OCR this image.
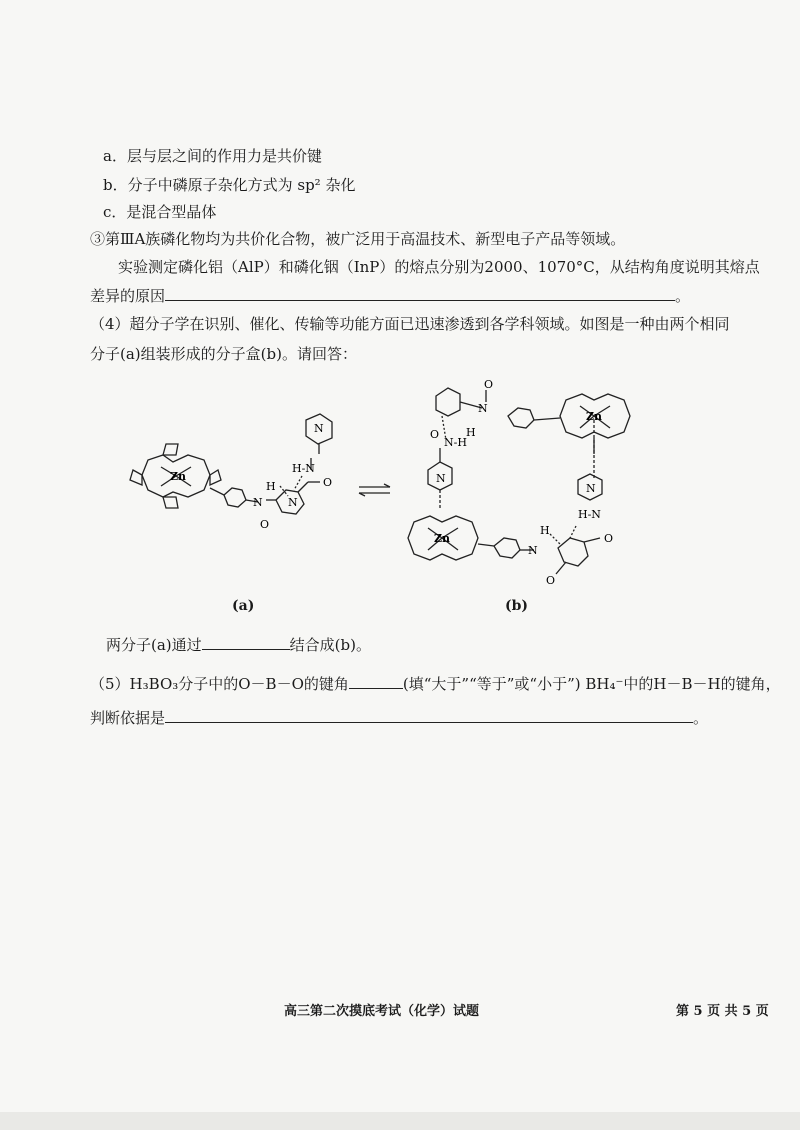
a．层与层之间的作用力是共价键
b．分子中磷原子杂化方式为 sp² 杂化
c．是混合型晶体
③第ⅢA族磷化物均为共价化合物，被广泛用于高温技术、新型电子产品等领域。
实验测定磷化铝（AlP）和磷化铟（InP）的熔点分别为2000、1070°C，从结构角度说明其熔点
差异的原因	。
（4）超分子学在识别、催化、传输等功能方面已迅速渗透到各学科领域。如图是一种由两个相同
分子(a)组装形成的分子盒(b)。请回答：
Zn
N N
H
H-N
O
O
N
Zn
Zn
O
N
O
N-H
H
N
N
H-N
H
N
O
O
(a)	(b)
两分子(a)通过	结合成(b)。
（5）H₃BO₃分子中的O－B－O的键角	(填“大于”“等于”或“小于”) BH₄⁻中的H－B－H的键角，
判断依据是	。
高三第二次摸底考试（化学）试题	第 5 页 共 5 页
